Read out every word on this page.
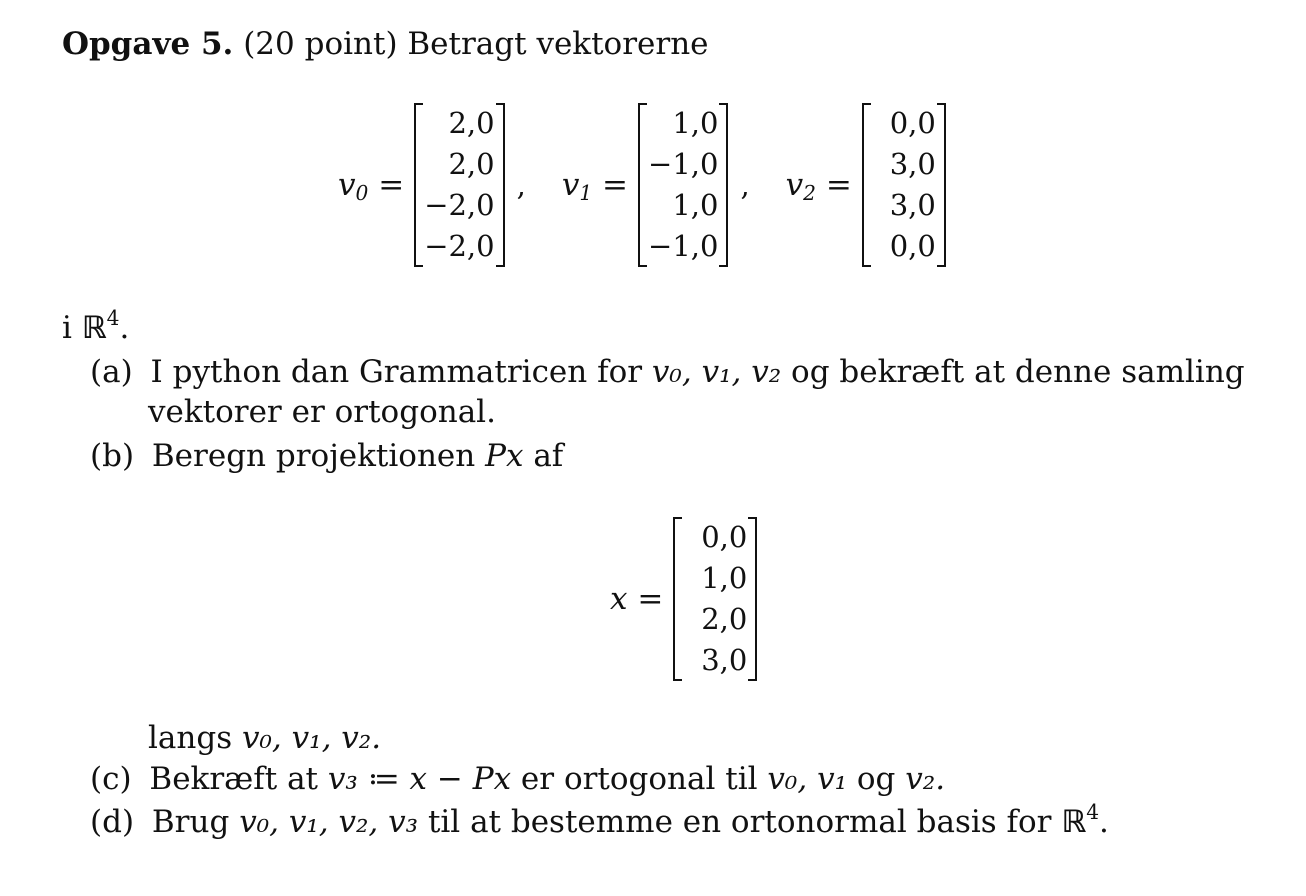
Opgave 5. (20 point) Betragt vektorerne
$v_0$ =
2,0
2,0
−2,0
−2,0
, $v_1$ =
1,0
−1,0
1,0
−1,0
, $v_2$ =
0,0
3,0
3,0
0,0
i ℝ$^4$.
(a) I python dan Grammatricen for v₀, v₁, v₂ og bekræft at denne samling
vektorer er ortogonal.
(b) Beregn projektionen Px af
x =
0,0
1,0
2,0
3,0
langs v₀, v₁, v₂.
(c) Bekræft at v₃ ≔ x − Px er ortogonal til v₀, v₁ og v₂.
(d) Brug v₀, v₁, v₂, v₃ til at bestemme en ortonormal basis for ℝ$^4$.
